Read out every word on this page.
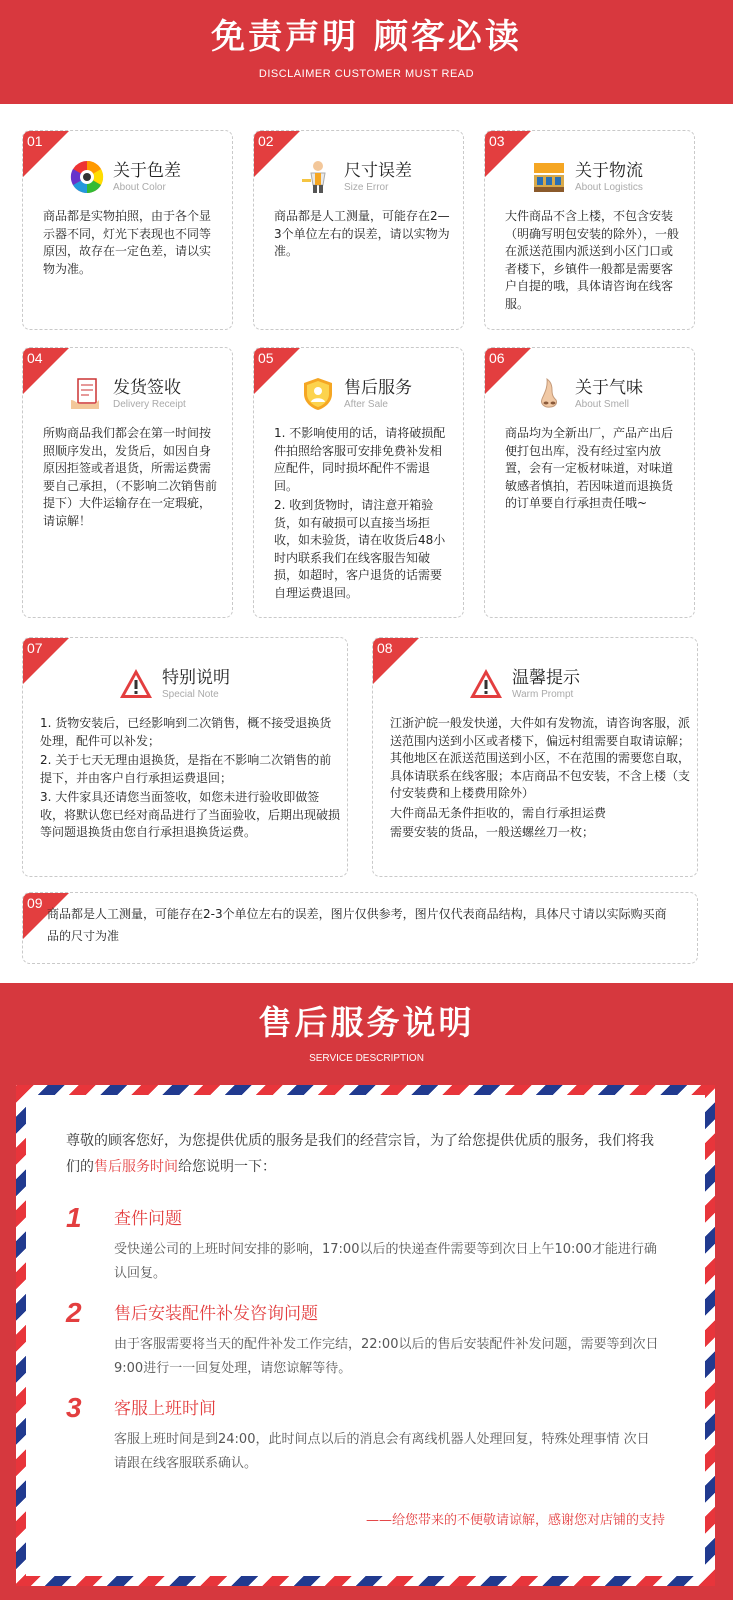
免责声明 顾客必读
DISCLAIMER CUSTOMER MUST READ
01
关于色差
About Color

商品都是实物拍照，由于各个显示器不同，灯光下表现也不同等原因，故存在一定色差，请以实物为准。

02
尺寸误差
Size Error

商品都是人工测量，可能存在2—3个单位左右的误差，请以实物为准。

03
关于物流
About Logistics

大件商品不含上楼，不包含安装（明确写明包安装的除外），一般在派送范围内派送到小区门口或者楼下，乡镇件一般都是需要客户自提的哦，具体请咨询在线客服。

04
发货签收
Delivery Receipt

所购商品我们都会在第一时间按照顺序发出，发货后，如因自身原因拒签或者退货，所需运费需要自己承担，（不影响二次销售前提下）大件运输存在一定瑕疵，请谅解！

05
售后服务
After Sale

1. 不影响使用的话，请将破损配件拍照给客服可安排免费补发相应配件，同时损坏配件不需退回。

2. 收到货物时，请注意开箱验货，如有破损可以直接当场拒收，如未验货，请在收货后48小时内联系我们在线客服告知破损，如超时，客户退货的话需要自理运费退回。

06
关于气味
About Smell

商品均为全新出厂，产品产出后便打包出库，没有经过室内放置，会有一定板材味道，对味道敏感者慎拍，若因味道而退换货的订单要自行承担责任哦~

07
特别说明
Special Note

1. 货物安装后，已经影响到二次销售，概不接受退换货处理，配件可以补发；

2. 关于七天无理由退换货，是指在不影响二次销售的前提下，并由客户自行承担运费退回；

3. 大件家具还请您当面签收，如您未进行验收即做签收，将默认您已经对商品进行了当面验收，后期出现破损等问题退换货由您自行承担退换货运费。

08
温馨提示
Warm Prompt

江浙沪皖一般发快递，大件如有发物流，请咨询客服，派送范围内送到小区或者楼下，偏远村组需要自取请谅解；其他地区在派送范围送到小区，不在范围的需要您自取，具体请联系在线客服；本店商品不包安装，不含上楼（支付安装费和上楼费用除外）

大件商品无条件拒收的，需自行承担运费

需要安装的货品，一般送螺丝刀一枚；

09

商品都是人工测量，可能存在2-3个单位左右的误差，图片仅供参考，图片仅代表商品结构，具体尺寸请以实际购买商品的尺寸为准

售后服务说明
SERVICE DESCRIPTION
尊敬的顾客您好，为您提供优质的服务是我们的经营宗旨，为了给您提供优质的服务，我们将我们的售后服务时间给您说明一下：
1 查件问题
受快递公司的上班时间安排的影响，17:00以后的快递查件需要等到次日上午10:00才能进行确认回复。
2 售后安装配件补发咨询问题
由于客服需要将当天的配件补发工作完结，22:00以后的售后安装配件补发问题，需要等到次日9:00进行一一回复处理，请您谅解等待。
3 客服上班时间
客服上班时间是到24:00，此时间点以后的消息会有离线机器人处理回复，特殊处理事情 次日请跟在线客服联系确认。
——给您带来的不便敬请谅解，感谢您对店铺的支持
